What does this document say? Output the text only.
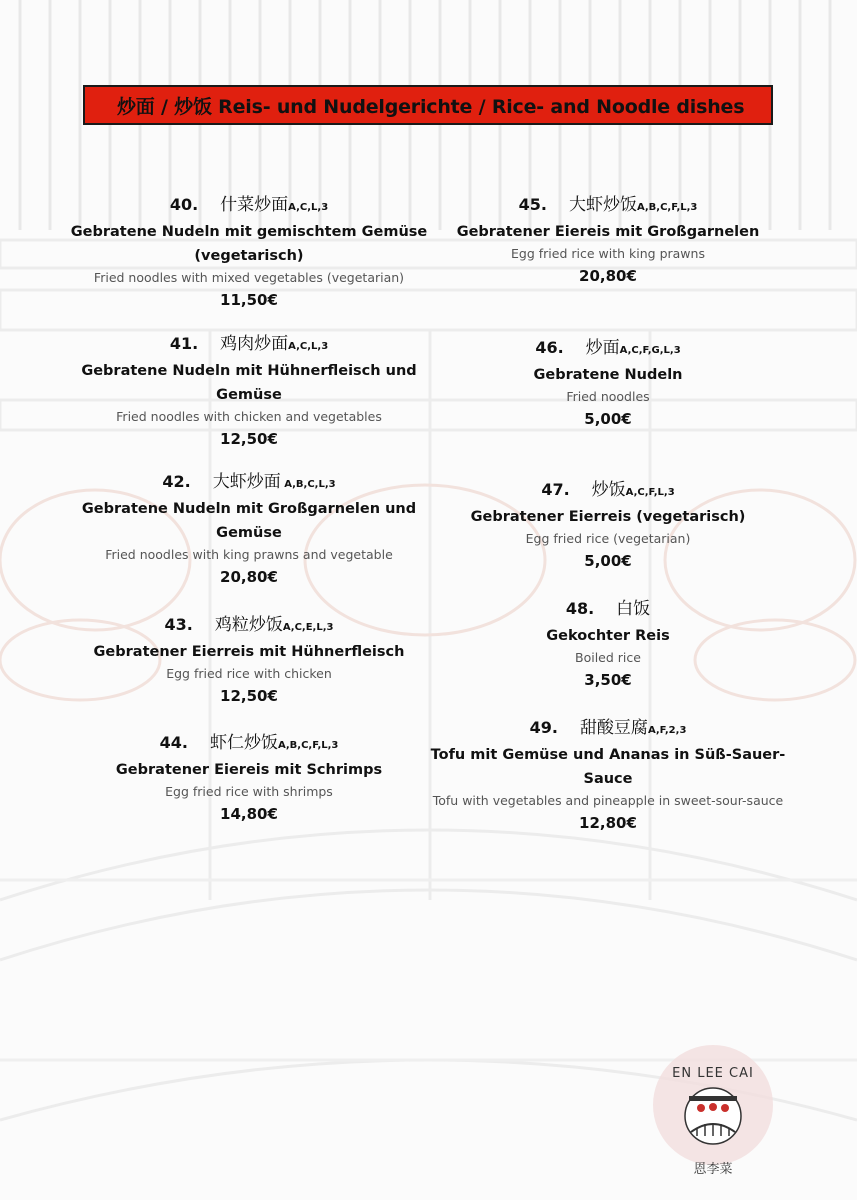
炒面 / 炒饭 Reis- und Nudelgerichte / Rice- and Noodle dishes
40. 什菜炒面A,C,L,3
Gebratene Nudeln mit gemischtem Gemüse (vegetarisch)
Fried noodles with mixed vegetables (vegetarian)
11,50€
41. 鸡肉炒面A,C,L,3
Gebratene Nudeln mit Hühnerfleisch und Gemüse
Fried noodles with chicken and vegetables
12,50€
42. 大虾炒面 A,B,C,L,3
Gebratene Nudeln mit Großgarnelen und Gemüse
Fried noodles with king prawns and vegetable
20,80€
43. 鸡粒炒饭A,C,E,L,3
Gebratener Eierreis mit Hühnerfleisch
Egg fried rice with chicken
12,50€
44. 虾仁炒饭A,B,C,F,L,3
Gebratener Eiereis mit Schrimps
Egg fried rice with shrimps
14,80€
45. 大虾炒饭A,B,C,F,L,3
Gebratener Eiereis mit Großgarnelen
Egg fried rice with king prawns
20,80€
46. 炒面A,C,F,G,L,3
Gebratene Nudeln
Fried noodles
5,00€
47. 炒饭A,C,F,L,3
Gebratener Eierreis (vegetarisch)
Egg fried rice (vegetarian)
5,00€
48. 白饭
Gekochter Reis
Boiled rice
3,50€
49. 甜酸豆腐A,F,2,3
Tofu mit Gemüse und Ananas in Süß-Sauer-Sauce
Tofu with vegetables and pineapple in sweet-sour-sauce
12,80€
EN LEE CAI
恩李菜
